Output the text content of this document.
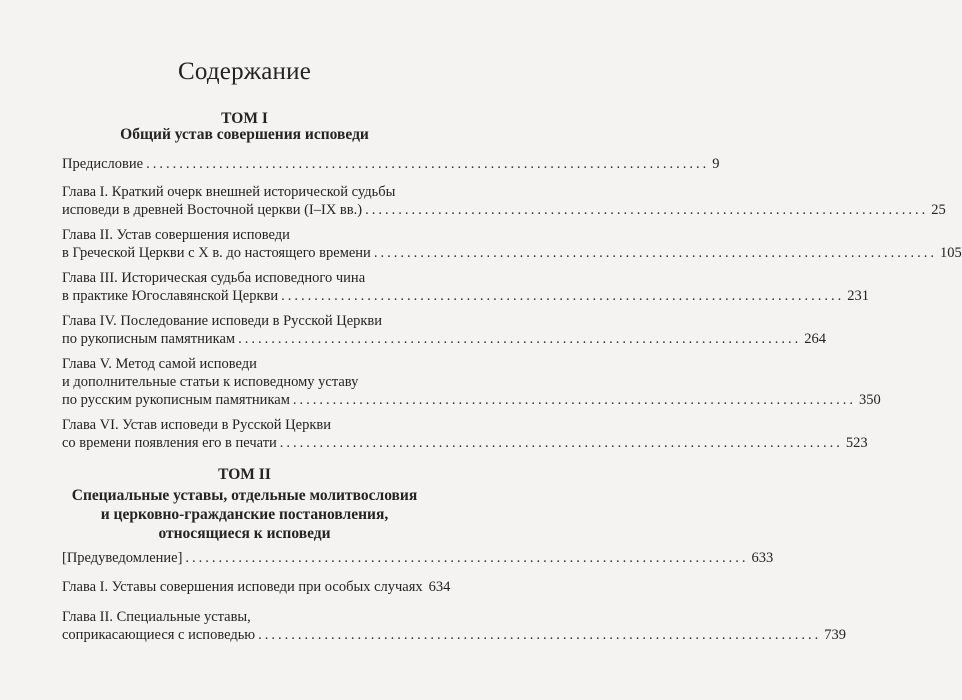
Содержание
ТОМ I
Общий устав совершения исповеди
Предисловие ..................................................................................... 9
Глава I. Краткий очерк внешней исторической судьбы
исповеди в древней Восточной церкви (I–IX вв.) ..................................................................................... 25
Глава II. Устав совершения исповеди
в Греческой Церкви с X в. до настоящего времени ..................................................................................... 105
Глава III. Историческая судьба исповедного чина
в практике Югославянской Церкви ..................................................................................... 231
Глава IV. Последование исповеди в Русской Церкви
по рукописным памятникам ..................................................................................... 264
Глава V. Метод самой исповеди
и дополнительные статьи к исповедному уставу
по русским рукописным памятникам ..................................................................................... 350
Глава VI. Устав исповеди в Русской Церкви
со времени появления его в печати ..................................................................................... 523
ТОМ II
Специальные уставы, отдельные молитвословия
и церковно-гражданские постановления,
относящиеся к исповеди
[Предуведомление] ..................................................................................... 633
Глава I. Уставы совершения исповеди при особых случаях 634
Глава II. Специальные уставы,
соприкасающиеся с исповедью ..................................................................................... 739
